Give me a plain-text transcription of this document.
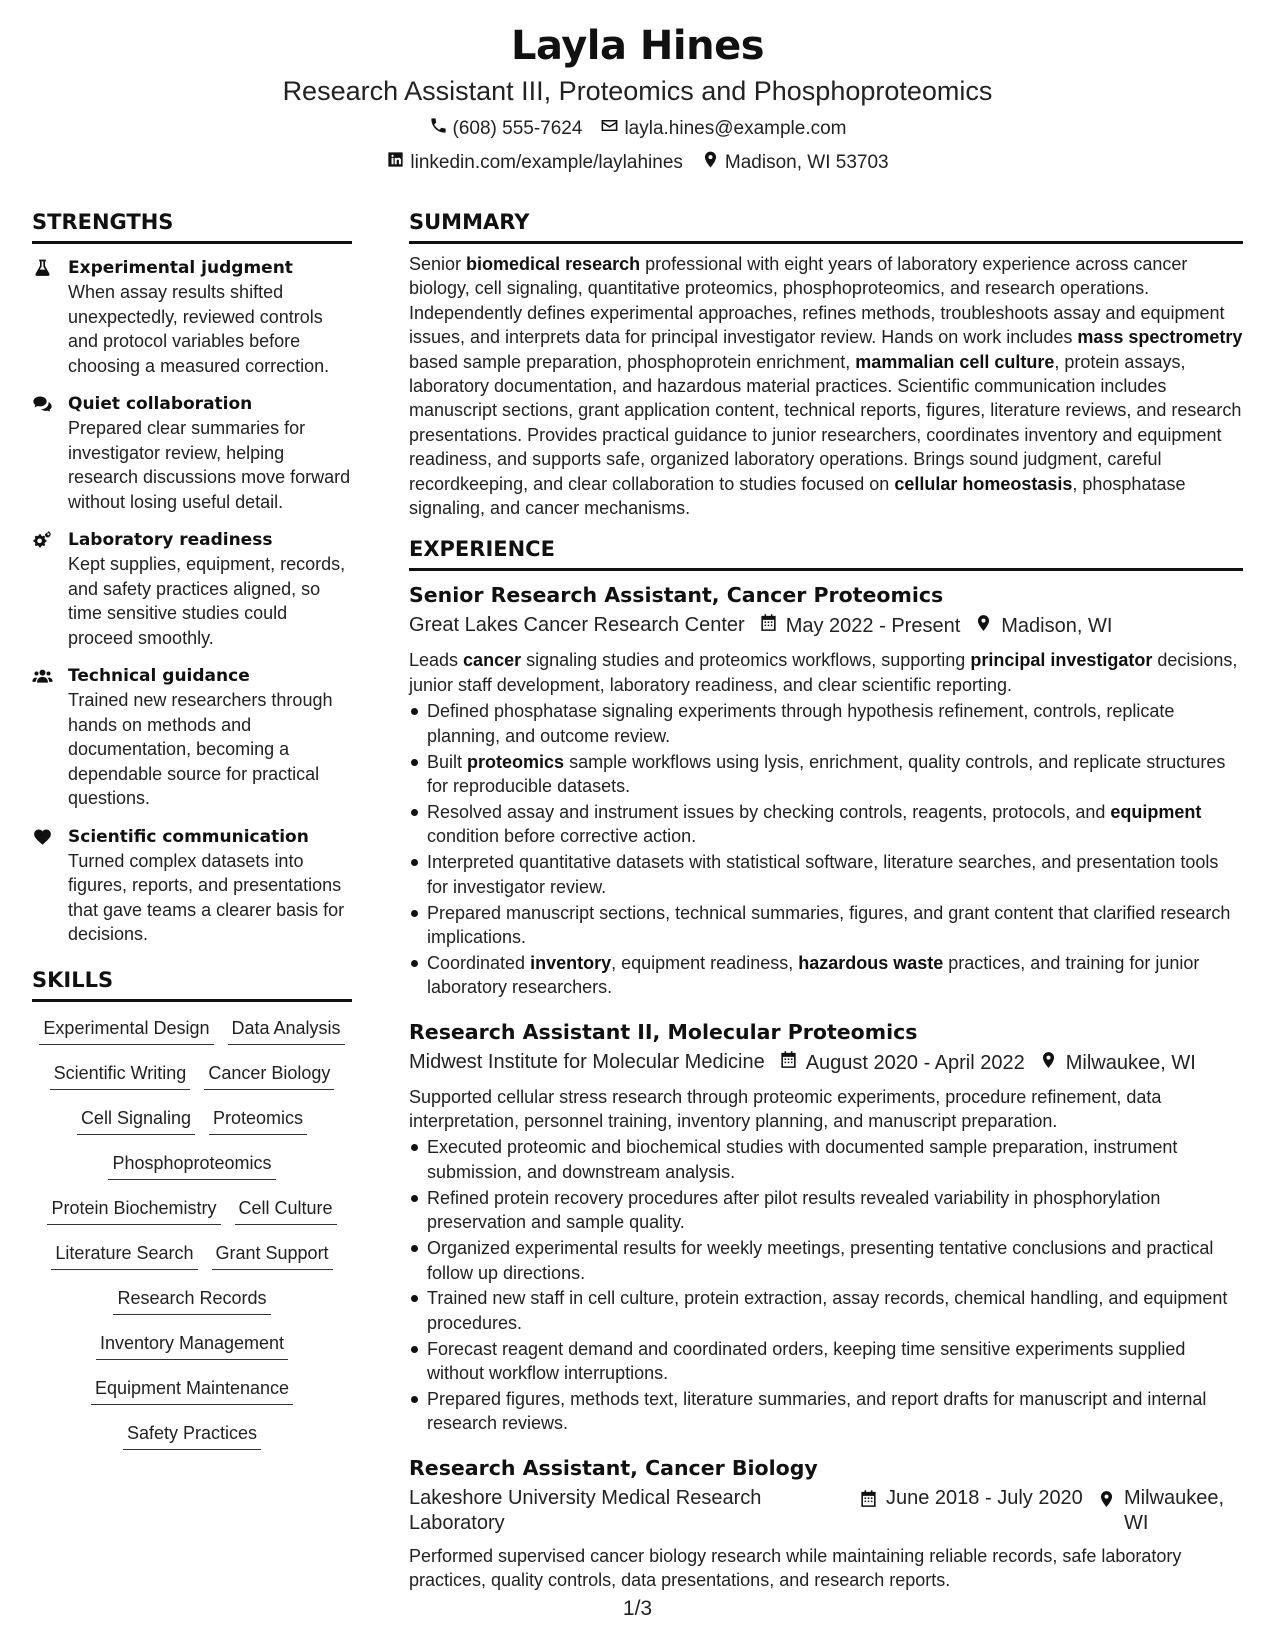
Layla Hines
Research Assistant III, Proteomics and Phosphoproteomics
(608) 555-7624 layla.hines@example.com
linkedin.com/example/laylahines Madison, WI 53703
STRENGTHS
Experimental judgment
When assay results shifted unexpectedly, reviewed controls and protocol variables before choosing a measured correction.
Quiet collaboration
Prepared clear summaries for investigator review, helping research discussions move forward without losing useful detail.
Laboratory readiness
Kept supplies, equipment, records, and safety practices aligned, so time sensitive studies could proceed smoothly.
Technical guidance
Trained new researchers through hands on methods and documentation, becoming a dependable source for practical questions.
Scientific communication
Turned complex datasets into figures, reports, and presentations that gave teams a clearer basis for decisions.
SKILLS
Experimental Design Data Analysis
Scientific Writing Cancer Biology
Cell Signaling Proteomics
Phosphoproteomics
Protein Biochemistry Cell Culture
Literature Search Grant Support
Research Records
Inventory Management
Equipment Maintenance
Safety Practices
SUMMARY
Senior biomedical research professional with eight years of laboratory experience across cancer biology, cell signaling, quantitative proteomics, phosphoproteomics, and research operations. Independently defines experimental approaches, refines methods, troubleshoots assay and equipment issues, and interprets data for principal investigator review. Hands on work includes mass spectrometry based sample preparation, phosphoprotein enrichment, mammalian cell culture, protein assays, laboratory documentation, and hazardous material practices. Scientific communication includes manuscript sections, grant application content, technical reports, figures, literature reviews, and research presentations. Provides practical guidance to junior researchers, coordinates inventory and equipment readiness, and supports safe, organized laboratory operations. Brings sound judgment, careful recordkeeping, and clear collaboration to studies focused on cellular homeostasis, phosphatase signaling, and cancer mechanisms.
EXPERIENCE
Senior Research Assistant, Cancer Proteomics
Great Lakes Cancer Research Center May 2022 - Present Madison, WI
Leads cancer signaling studies and proteomics workflows, supporting principal investigator decisions, junior staff development, laboratory readiness, and clear scientific reporting.
Defined phosphatase signaling experiments through hypothesis refinement, controls, replicate planning, and outcome review.
Built proteomics sample workflows using lysis, enrichment, quality controls, and replicate structures for reproducible datasets.
Resolved assay and instrument issues by checking controls, reagents, protocols, and equipment condition before corrective action.
Interpreted quantitative datasets with statistical software, literature searches, and presentation tools for investigator review.
Prepared manuscript sections, technical summaries, figures, and grant content that clarified research implications.
Coordinated inventory, equipment readiness, hazardous waste practices, and training for junior laboratory researchers.
Research Assistant II, Molecular Proteomics
Midwest Institute for Molecular Medicine August 2020 - April 2022 Milwaukee, WI
Supported cellular stress research through proteomic experiments, procedure refinement, data interpretation, personnel training, inventory planning, and manuscript preparation.
Executed proteomic and biochemical studies with documented sample preparation, instrument submission, and downstream analysis.
Refined protein recovery procedures after pilot results revealed variability in phosphorylation preservation and sample quality.
Organized experimental results for weekly meetings, presenting tentative conclusions and practical follow up directions.
Trained new staff in cell culture, protein extraction, assay records, chemical handling, and equipment procedures.
Forecast reagent demand and coordinated orders, keeping time sensitive experiments supplied without workflow interruptions.
Prepared figures, methods text, literature summaries, and report drafts for manuscript and internal research reviews.
Research Assistant, Cancer Biology
Lakeshore University Medical Research Laboratory
June 2018 - July 2020 Milwaukee, WI
Performed supervised cancer biology research while maintaining reliable records, safe laboratory practices, quality controls, data presentations, and research reports.
1/3
